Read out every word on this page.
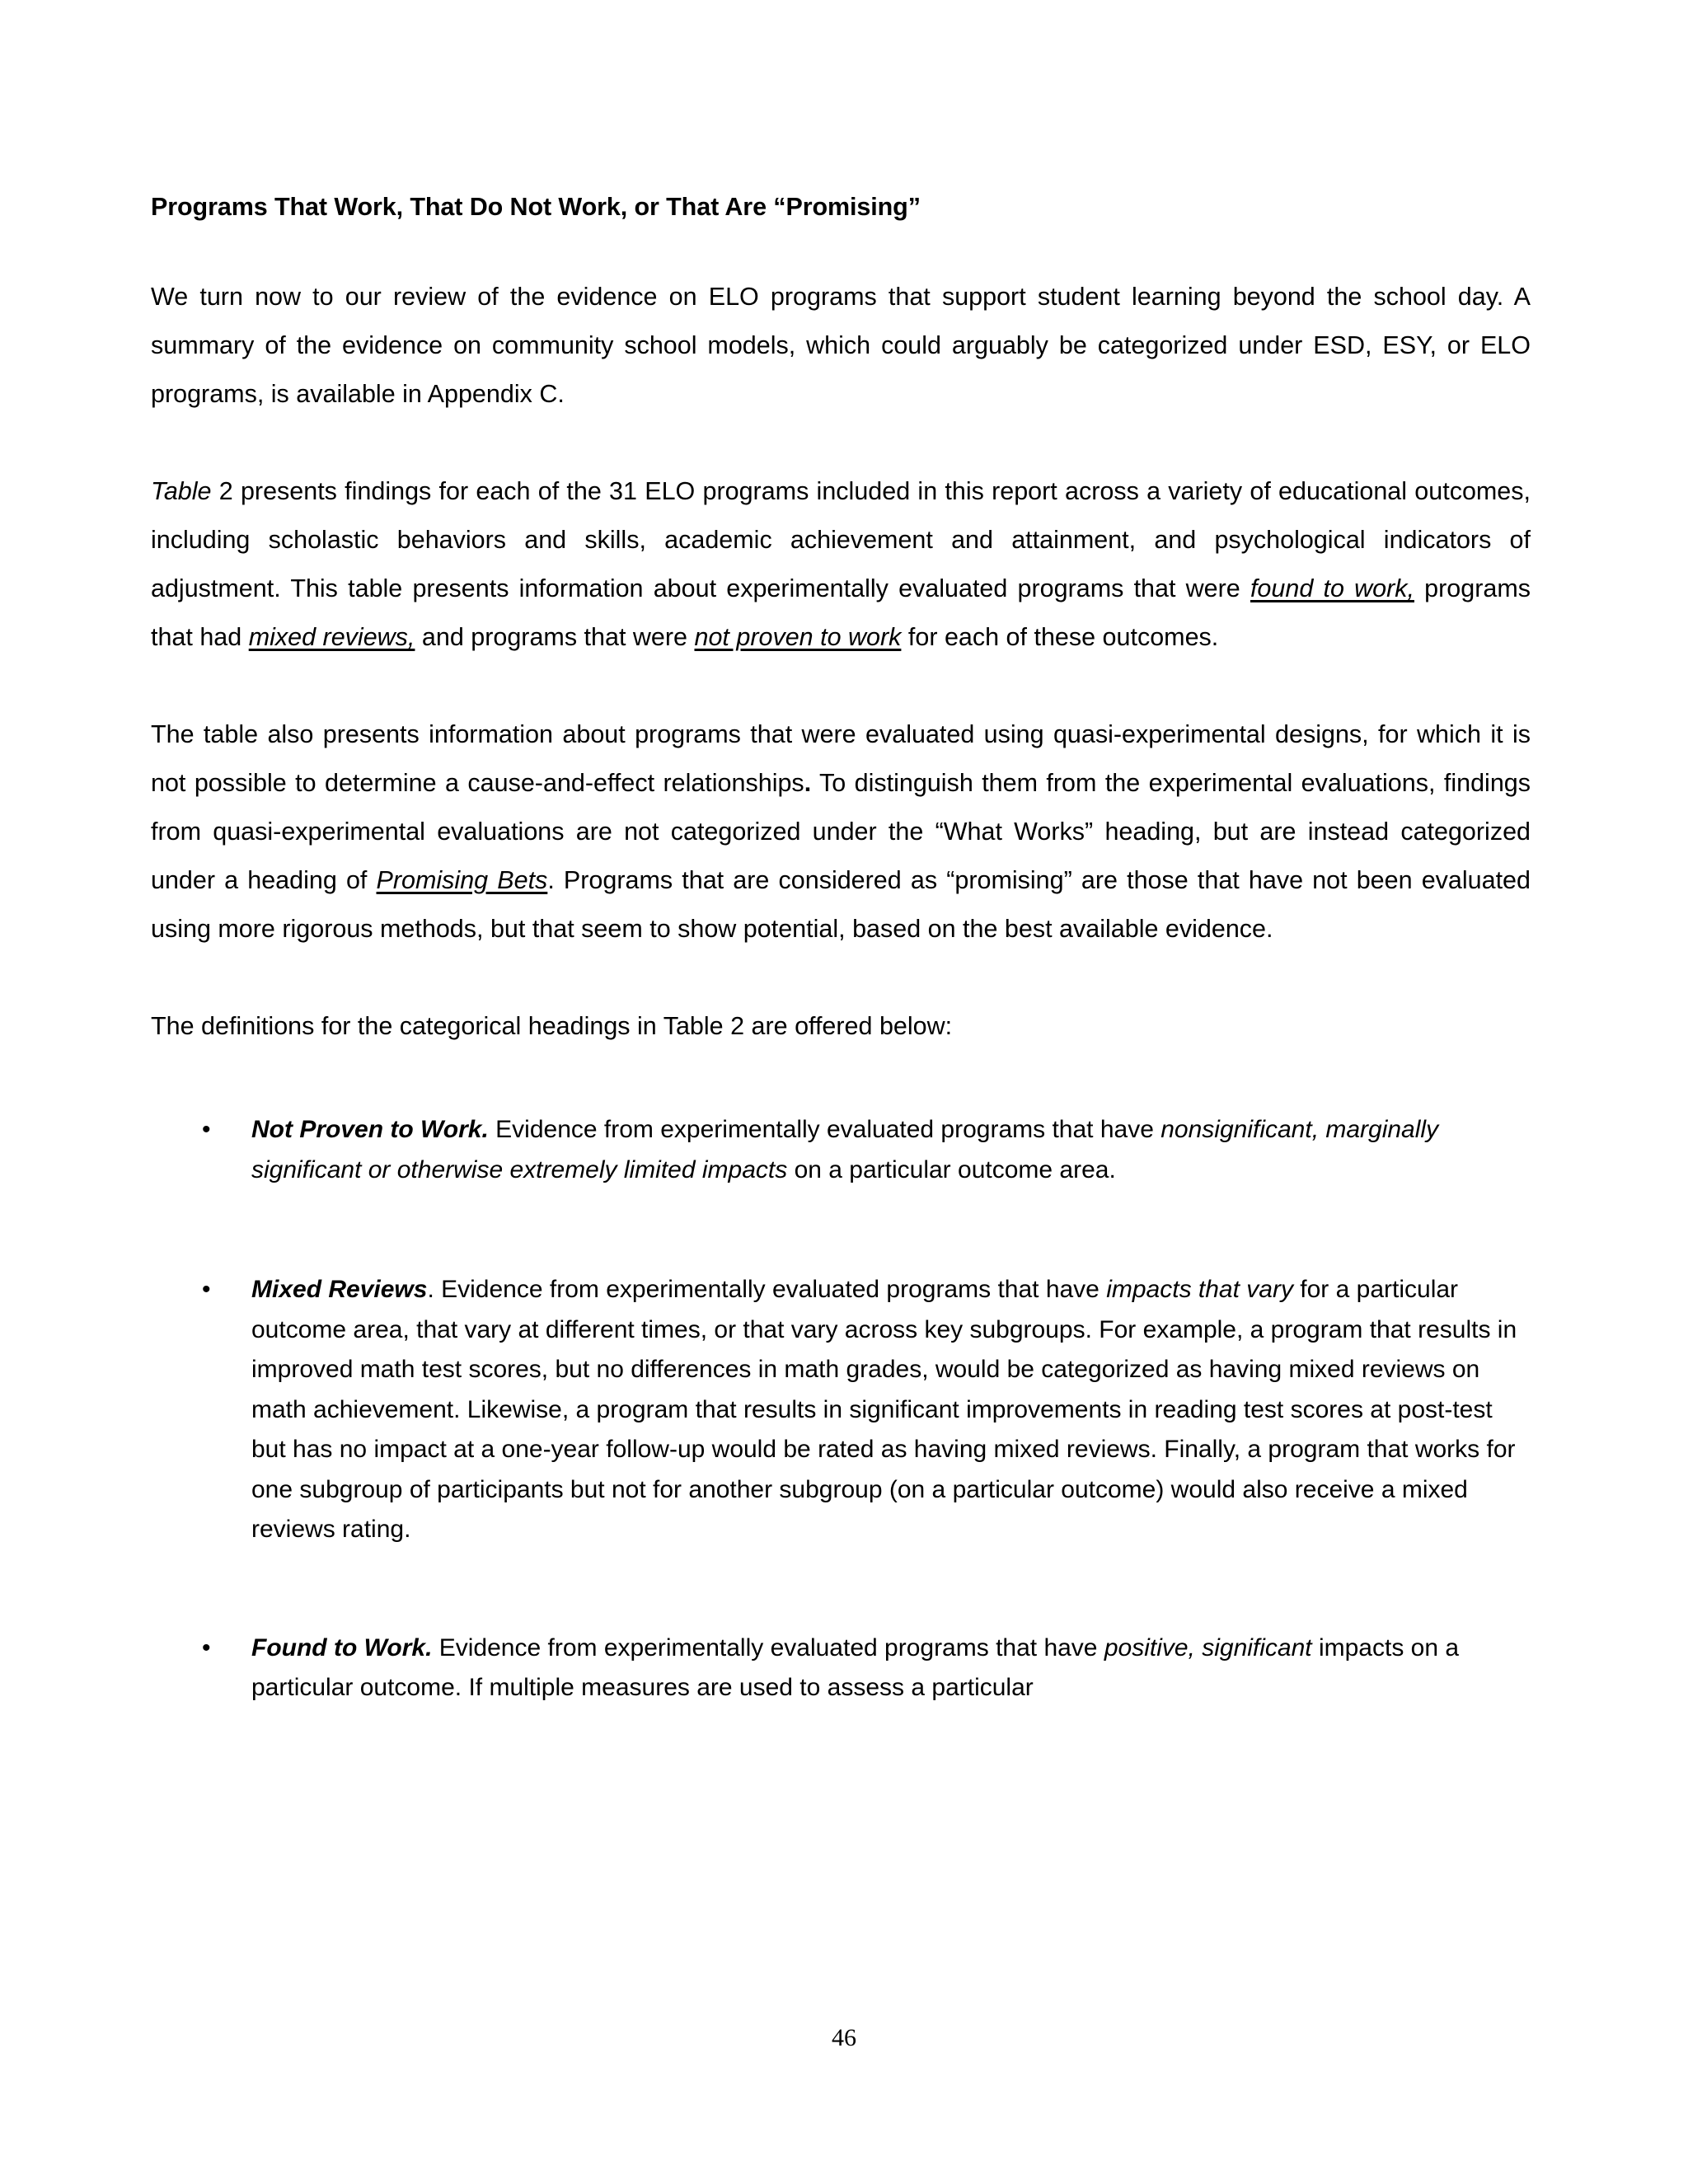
Programs That Work, That Do Not Work, or That Are “Promising”

We turn now to our review of the evidence on ELO programs that support student learning beyond the school day. A summary of the evidence on community school models, which could arguably be categorized under ESD, ESY, or ELO programs, is available in Appendix C.

Table 2 presents findings for each of the 31 ELO programs included in this report across a variety of educational outcomes, including scholastic behaviors and skills, academic achievement and attainment, and psychological indicators of adjustment. This table presents information about experimentally evaluated programs that were found to work, programs that had mixed reviews, and programs that were not proven to work for each of these outcomes.

The table also presents information about programs that were evaluated using quasi-experimental designs, for which it is not possible to determine a cause-and-effect relationships. To distinguish them from the experimental evaluations, findings from quasi-experimental evaluations are not categorized under the “What Works” heading, but are instead categorized under a heading of Promising Bets. Programs that are considered as “promising” are those that have not been evaluated using more rigorous methods, but that seem to show potential, based on the best available evidence.

The definitions for the categorical headings in Table 2 are offered below:

• Not Proven to Work. Evidence from experimentally evaluated programs that have nonsignificant, marginally significant or otherwise extremely limited impacts on a particular outcome area.
• Mixed Reviews. Evidence from experimentally evaluated programs that have impacts that vary for a particular outcome area, that vary at different times, or that vary across key subgroups. For example, a program that results in improved math test scores, but no differences in math grades, would be categorized as having mixed reviews on math achievement. Likewise, a program that results in significant improvements in reading test scores at post-test but has no impact at a one-year follow-up would be rated as having mixed reviews. Finally, a program that works for one subgroup of participants but not for another subgroup (on a particular outcome) would also receive a mixed reviews rating.
• Found to Work. Evidence from experimentally evaluated programs that have positive, significant impacts on a particular outcome. If multiple measures are used to assess a particular
46
